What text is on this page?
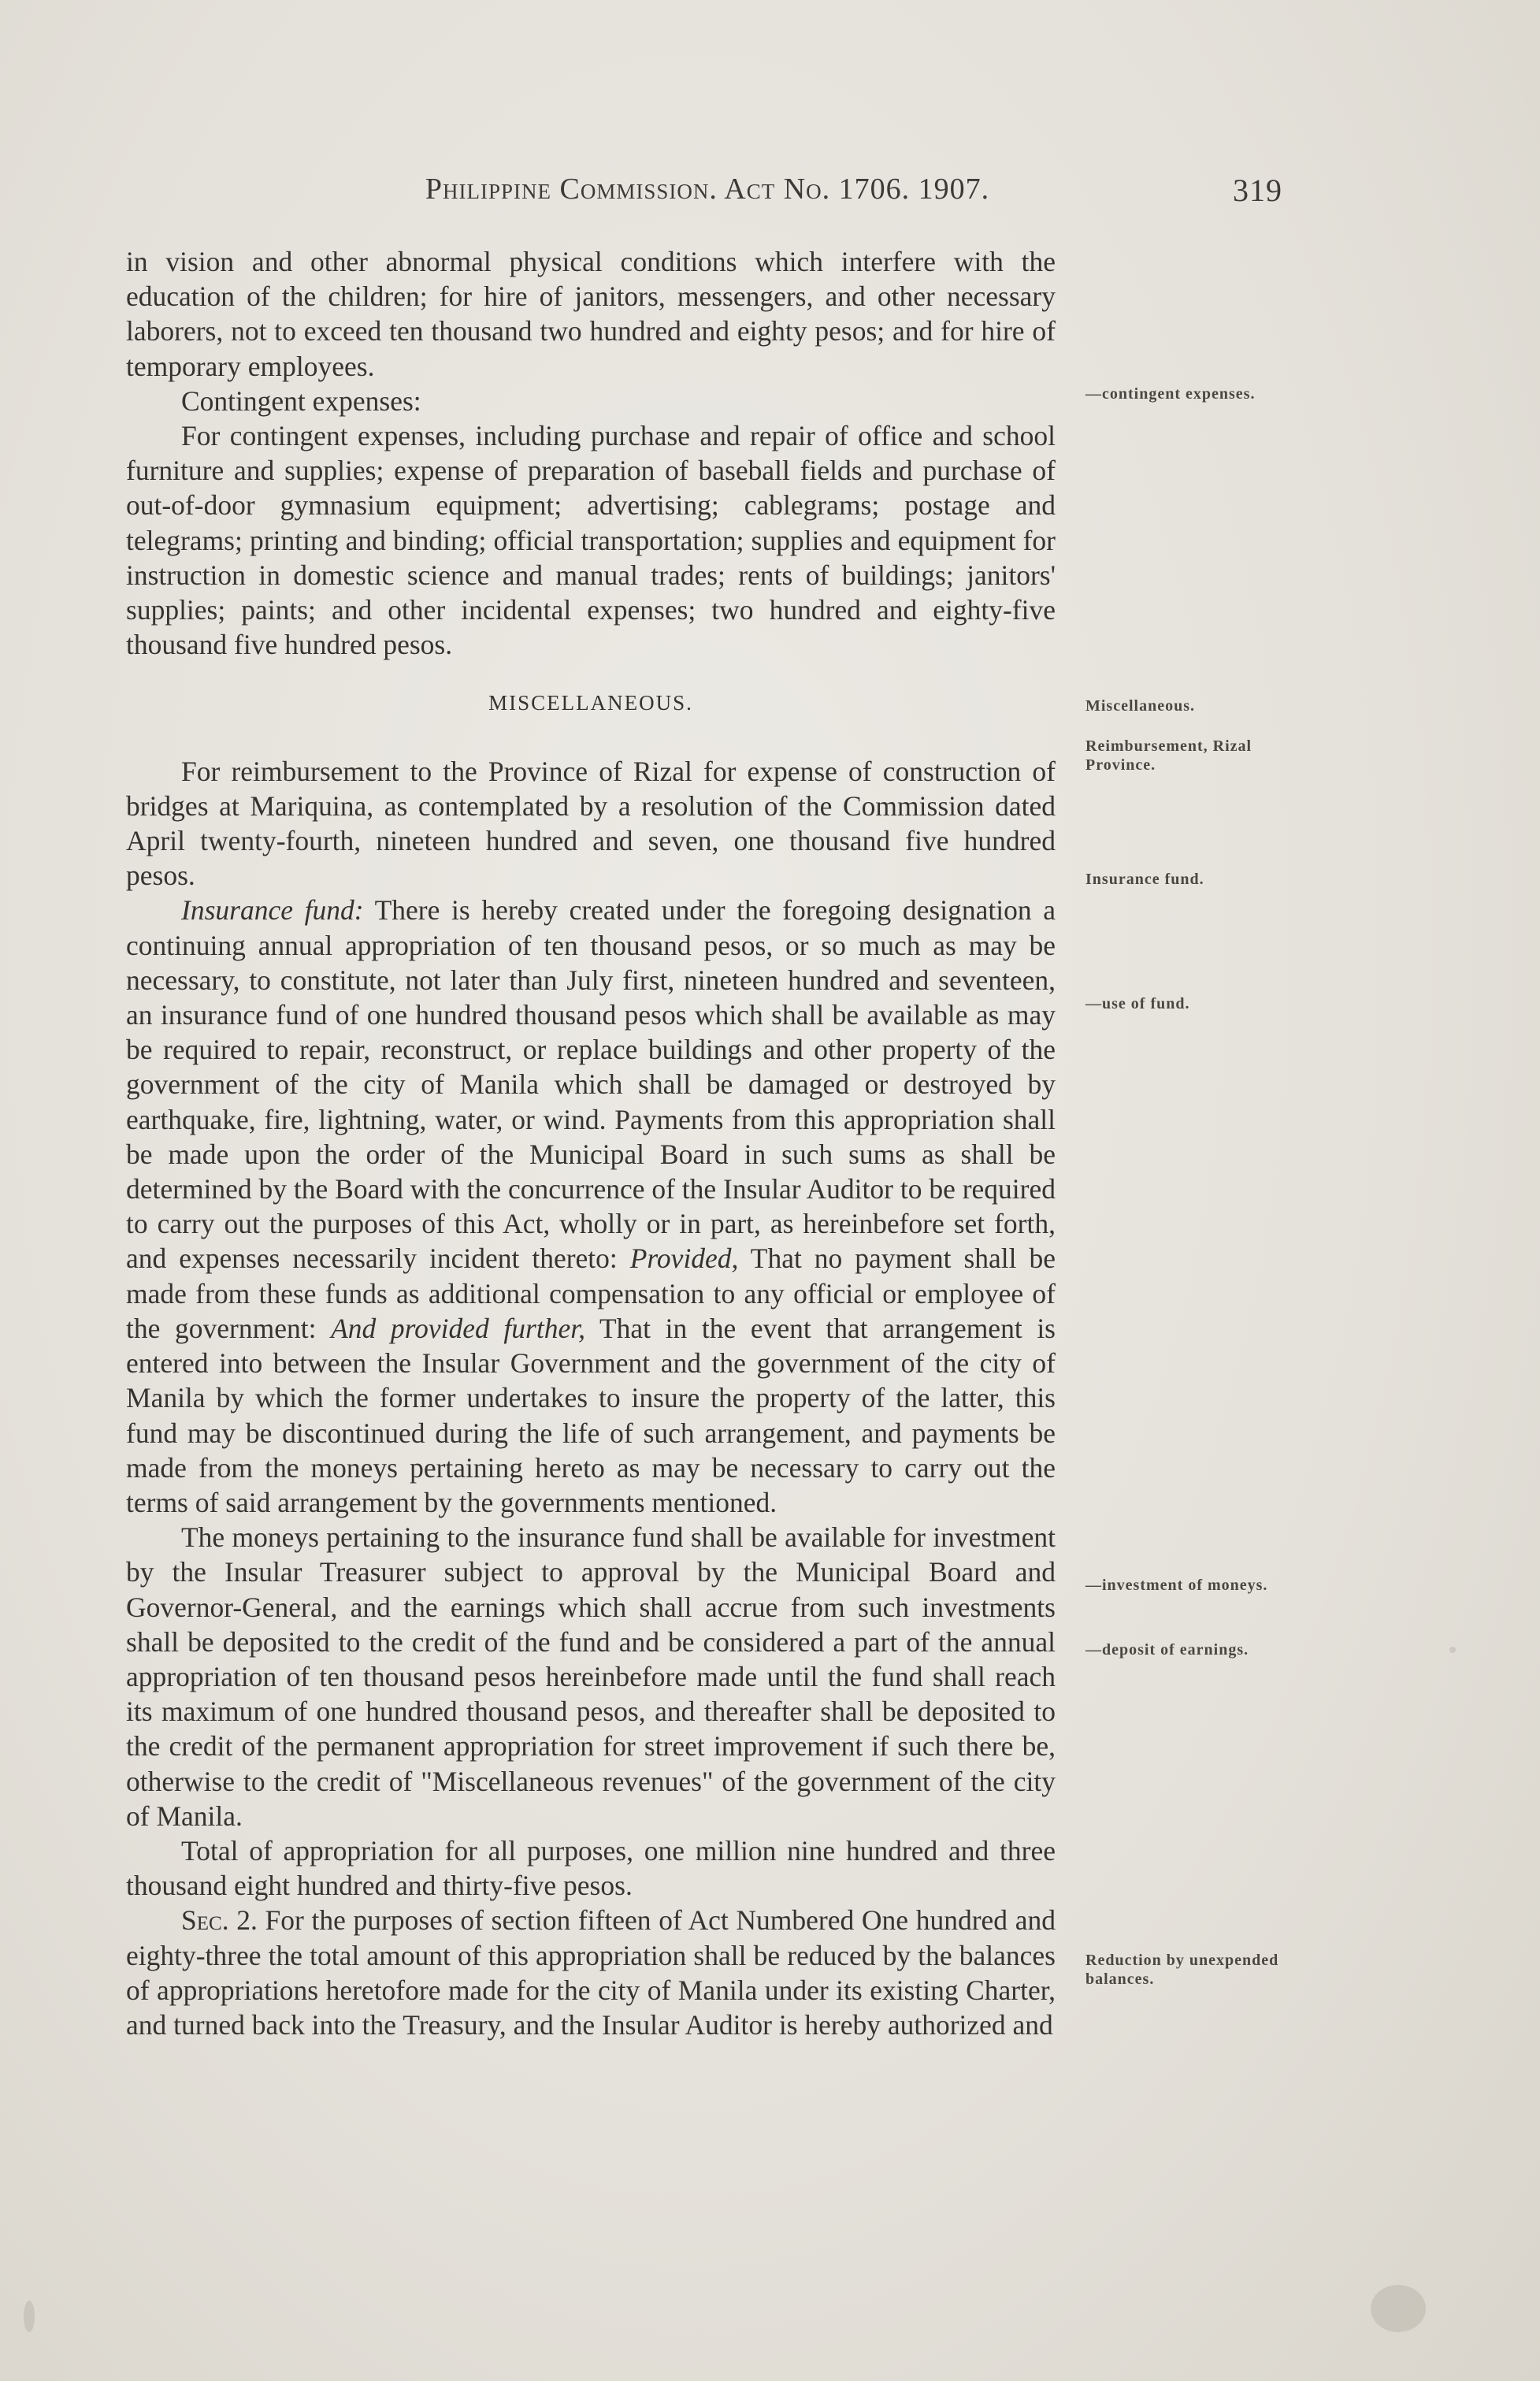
Philippine Commission. Act No. 1706. 1907.	319

in vision and other abnormal physical conditions which interfere with the education of the children; for hire of janitors, messengers, and other necessary laborers, not to exceed ten thousand two hundred and eighty pesos; and for hire of temporary employees.

Contingent expenses:

For contingent expenses, including purchase and repair of office and school furniture and supplies; expense of preparation of baseball fields and purchase of out-of-door gymnasium equipment; advertising; cablegrams; postage and telegrams; printing and binding; official transportation; supplies and equipment for instruction in domestic science and manual trades; rents of buildings; janitors' supplies; paints; and other incidental expenses; two hundred and eighty-five thousand five hundred pesos.

MISCELLANEOUS.

For reimbursement to the Province of Rizal for expense of construction of bridges at Mariquina, as contemplated by a resolution of the Commission dated April twenty-fourth, nineteen hundred and seven, one thousand five hundred pesos.

Insurance fund: There is hereby created under the foregoing designation a continuing annual appropriation of ten thousand pesos, or so much as may be necessary, to constitute, not later than July first, nineteen hundred and seventeen, an insurance fund of one hundred thousand pesos which shall be available as may be required to repair, reconstruct, or replace buildings and other property of the government of the city of Manila which shall be damaged or destroyed by earthquake, fire, lightning, water, or wind. Payments from this appropriation shall be made upon the order of the Municipal Board in such sums as shall be determined by the Board with the concurrence of the Insular Auditor to be required to carry out the purposes of this Act, wholly or in part, as hereinbefore set forth, and expenses necessarily incident thereto: Provided, That no payment shall be made from these funds as additional compensation to any official or employee of the government: And provided further, That in the event that arrangement is entered into between the Insular Government and the government of the city of Manila by which the former undertakes to insure the property of the latter, this fund may be discontinued during the life of such arrangement, and payments be made from the moneys pertaining hereto as may be necessary to carry out the terms of said arrangement by the governments mentioned.

The moneys pertaining to the insurance fund shall be available for investment by the Insular Treasurer subject to approval by the Municipal Board and Governor-General, and the earnings which shall accrue from such investments shall be deposited to the credit of the fund and be considered a part of the annual appropriation of ten thousand pesos hereinbefore made until the fund shall reach its maximum of one hundred thousand pesos, and thereafter shall be deposited to the credit of the permanent appropriation for street improvement if such there be, otherwise to the credit of "Miscellaneous revenues" of the government of the city of Manila.

Total of appropriation for all purposes, one million nine hundred and three thousand eight hundred and thirty-five pesos.

Sec. 2. For the purposes of section fifteen of Act Numbered One hundred and eighty-three the total amount of this appropriation shall be reduced by the balances of appropriations heretofore made for the city of Manila under its existing Charter, and turned back into the Treasury, and the Insular Auditor is hereby authorized and

—contingent expenses.
Miscellaneous.
Reimbursement, Rizal Province.
Insurance fund.
—use of fund.
—investment of moneys.
—deposit of earnings.
Reduction by unexpended balances.
